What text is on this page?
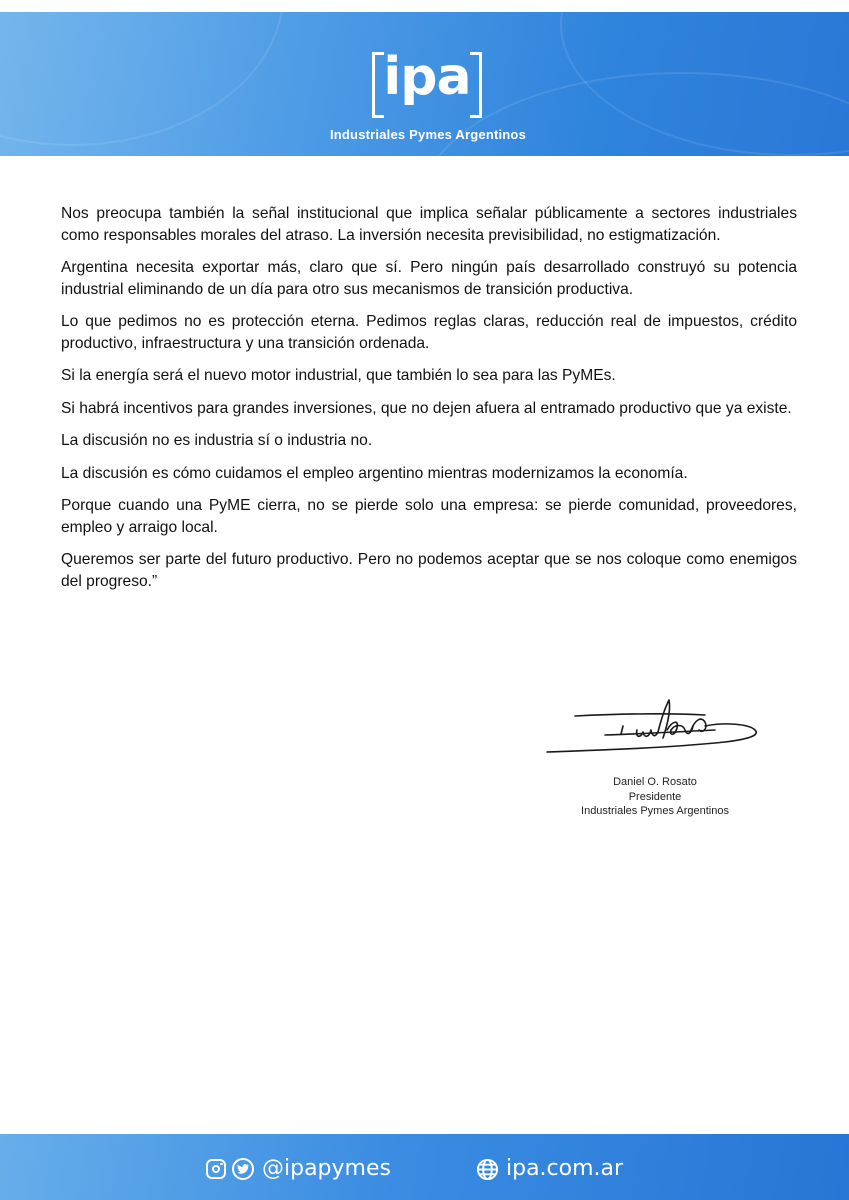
ipa
Industriales Pymes Argentinos

Nos preocupa también la señal institucional que implica señalar públicamente a sectores industriales como responsables morales del atraso. La inversión necesita previsibilidad, no estigmatización.

Argentina necesita exportar más, claro que sí. Pero ningún país desarrollado construyó su potencia industrial eliminando de un día para otro sus mecanismos de transición productiva.

Lo que pedimos no es protección eterna. Pedimos reglas claras, reducción real de impuestos, crédito productivo, infraestructura y una transición ordenada.

Si la energía será el nuevo motor industrial, que también lo sea para las PyMEs.

Si habrá incentivos para grandes inversiones, que no dejen afuera al entramado productivo que ya existe.

La discusión no es industria sí o industria no.

La discusión es cómo cuidamos el empleo argentino mientras modernizamos la economía.

Porque cuando una PyME cierra, no se pierde solo una empresa: se pierde comunidad, proveedores, empleo y arraigo local.

Queremos ser parte del futuro productivo. Pero no podemos aceptar que se nos coloque como enemigos del progreso.”

Daniel O. Rosato
Presidente
Industriales Pymes Argentinos
@ipapymes	ipa.com.ar
